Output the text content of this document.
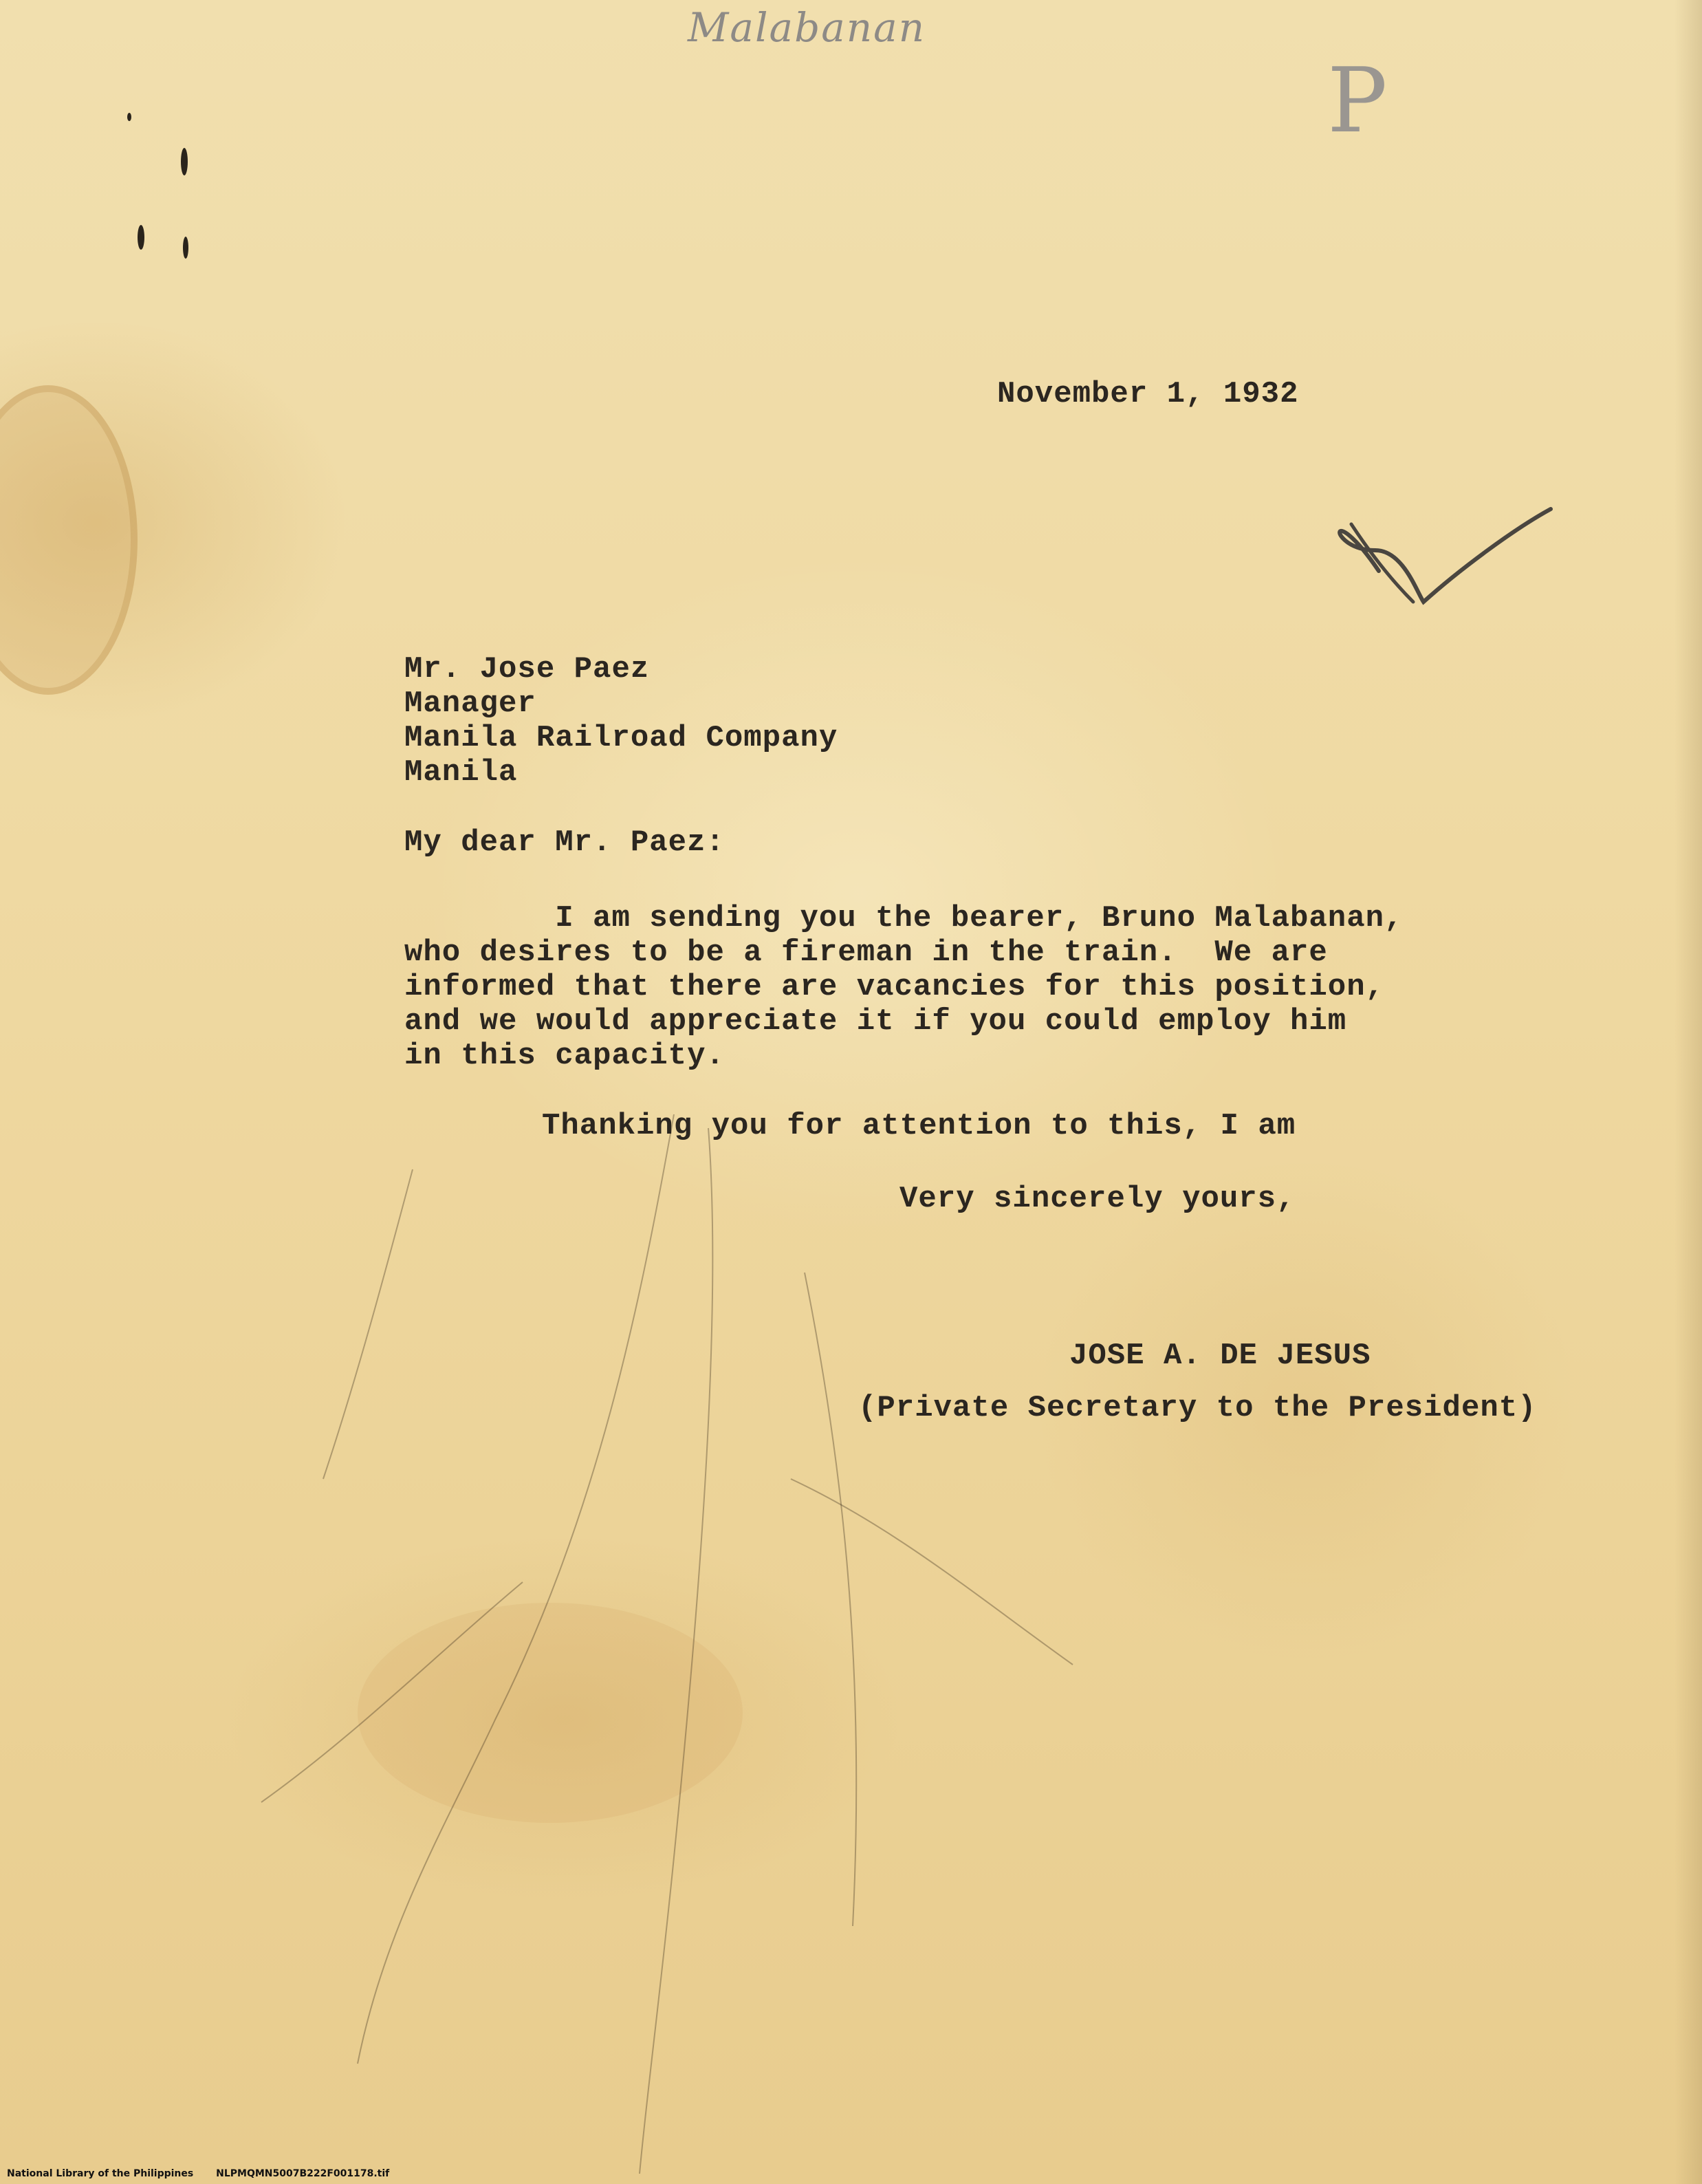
Malabanan
P
November 1, 1932
Mr. Jose Paez
Manager
Manila Railroad Company
Manila
My dear Mr. Paez:
I am sending you the bearer, Bruno Malabanan,
who desires to be a fireman in the train.  We are
informed that there are vacancies for this position,
and we would appreciate it if you could employ him
in this capacity.
Thanking you for attention to this, I am
Very sincerely yours,
JOSE A. DE JESUS
(Private Secretary to the President)
National Library of the Philippines NLPMQMN5007B222F001178.tif
